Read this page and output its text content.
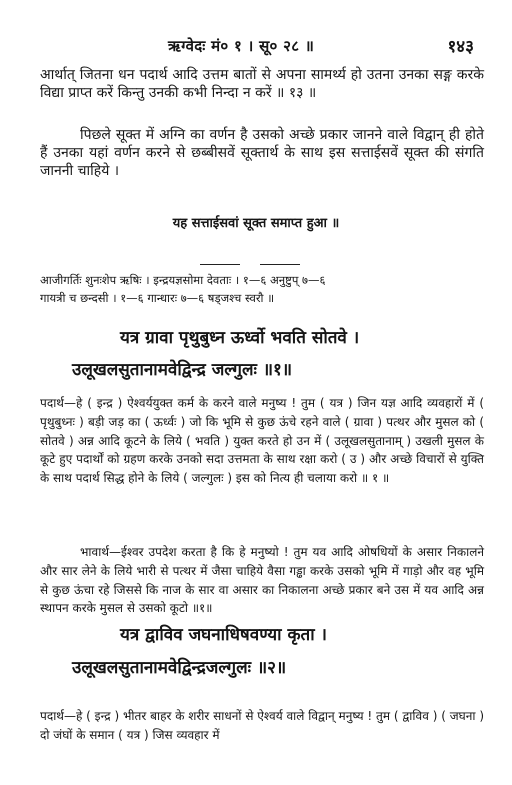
ऋग्वेदः मं० १ । सू० २८ ॥	१४३

आर्थात् जितना धन पदार्थ आदि उत्तम बातों से अपना सामर्थ्य हो उतना उनका सङ्ग करके विद्या प्राप्त करें किन्तु उनकी कभी निन्दा न करें ॥ १३ ॥

पिछले सूक्त में अग्नि का वर्णन है उसको अच्छे प्रकार जानने वाले विद्वान् ही होते हैं उनका यहां वर्णन करने से छब्बीसवें सूक्तार्थ के साथ इस सत्ताईसवें सूक्त की संगति जाननी चाहिये ।

यह सत्ताईसवां सूक्त समाप्त हुआ ॥

आजीगर्तिः शुनःशेप ऋषिः । इन्द्रयज्ञसोमा देवताः । १—६ अनुष्टुप् ७—६

गायत्री च छन्दसी । १—६ गान्धारः ७—६ षड्जश्च स्वरौ ॥

यत्र ग्रावा पृथुबुध्न ऊर्ध्वो भवति सोतवे ।

उलूखलसुतानामवेद्विन्द्र जल्गुलः ॥१॥

पदार्थ—हे ( इन्द्र ) ऐश्वर्ययुक्त कर्म के करने वाले मनुष्य ! तुम ( यत्र ) जिन यज्ञ आदि व्यवहारों में ( पृथुबुध्नः ) बड़ी जड़ का ( ऊर्ध्वः ) जो कि भूमि से कुछ ऊंचे रहने वाले ( ग्रावा ) पत्थर और मुसल को ( सोतवे ) अन्न आदि कूटने के लिये ( भवति ) युक्त करते हो उन में ( उलूखलसुतानाम् ) उखली मुसल के कूटे हुए पदार्थों को ग्रहण करके उनको सदा उत्तमता के साथ रक्षा करो ( उ ) और अच्छे विचारों से युक्ति के साथ पदार्थ सिद्ध होने के लिये ( जल्गुलः ) इस को नित्य ही चलाया करो ॥ १ ॥

भावार्थ—ईश्वर उपदेश करता है कि हे मनुष्यो ! तुम यव आदि ओषधियों के असार निकालने और सार लेने के लिये भारी से पत्थर में जैसा चाहिये वैसा गड्ढा करके उसको भूमि में गाड़ो और वह भूमि से कुछ ऊंचा रहे जिससे कि नाज के सार वा असार का निकालना अच्छे प्रकार बने उस में यव आदि अन्न स्थापन करके मुसल से उसको कूटो ॥१॥

यत्र द्वाविव जघनाधिषवण्या कृता ।

उलूखलसुतानामवेद्विन्द्रजल्गुलः ॥२॥

पदार्थ—हे ( इन्द्र ) भीतर बाहर के शरीर साधनों से ऐश्वर्य वाले विद्वान् मनुष्य ! तुम ( द्वाविव ) ( जघना ) दो जंघों के समान ( यत्र ) जिस व्यवहार में
